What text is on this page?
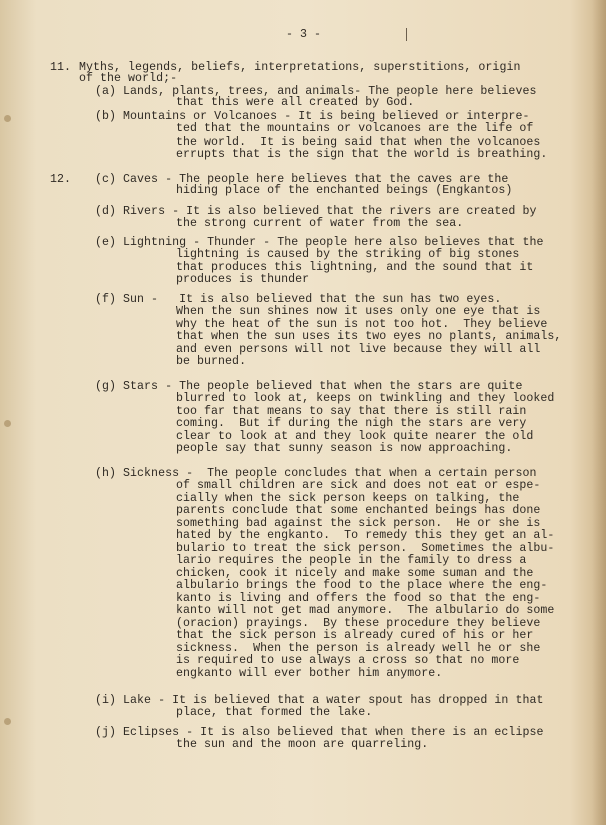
- 3 -
11. Myths, legends, beliefs, interpretations, superstitions, origin
of the world;-
(a) Lands, plants, trees, and animals- The people here believes
that this were all created by God.
(b) Mountains or Volcanoes - It is being believed or interpre-
ted that the mountains or volcanoes are the life of
the world.  It is being said that when the volcanoes
errupts that is the sign that the world is breathing.
12. (c) Caves - The people here believes that the caves are the
hiding place of the enchanted beings (Engkantos)
(d) Rivers - It is also believed that the rivers are created by
the strong current of water from the sea.
(e) Lightning - Thunder - The people here also believes that the
lightning is caused by the striking of big stones
that produces this lightning, and the sound that it
produces is thunder
(f) Sun -   It is also believed that the sun has two eyes.
When the sun shines now it uses only one eye that is
why the heat of the sun is not too hot.  They believe
that when the sun uses its two eyes no plants, animals,
and even persons will not live because they will all
be burned.
(g) Stars - The people believed that when the stars are quite
blurred to look at, keeps on twinkling and they looked
too far that means to say that there is still rain
coming.  But if during the nigh the stars are very
clear to look at and they look quite nearer the old
people say that sunny season is now approaching.
(h) Sickness -  The people concludes that when a certain person
of small children are sick and does not eat or espe-
cially when the sick person keeps on talking, the
parents conclude that some enchanted beings has done
something bad against the sick person.  He or she is
hated by the engkanto.  To remedy this they get an al-
bulario to treat the sick person.  Sometimes the albu-
lario requires the people in the family to dress a
chicken, cook it nicely and make some suman and the
albulario brings the food to the place where the eng-
kanto is living and offers the food so that the eng-
kanto will not get mad anymore.  The albulario do some
(oracion) prayings.  By these procedure they believe
that the sick person is already cured of his or her
sickness.  When the person is already well he or she
is required to use always a cross so that no more
engkanto will ever bother him anymore.
(i) Lake - It is believed that a water spout has dropped in that
place, that formed the lake.
(j) Eclipses - It is also believed that when there is an eclipse
the sun and the moon are quarreling.
